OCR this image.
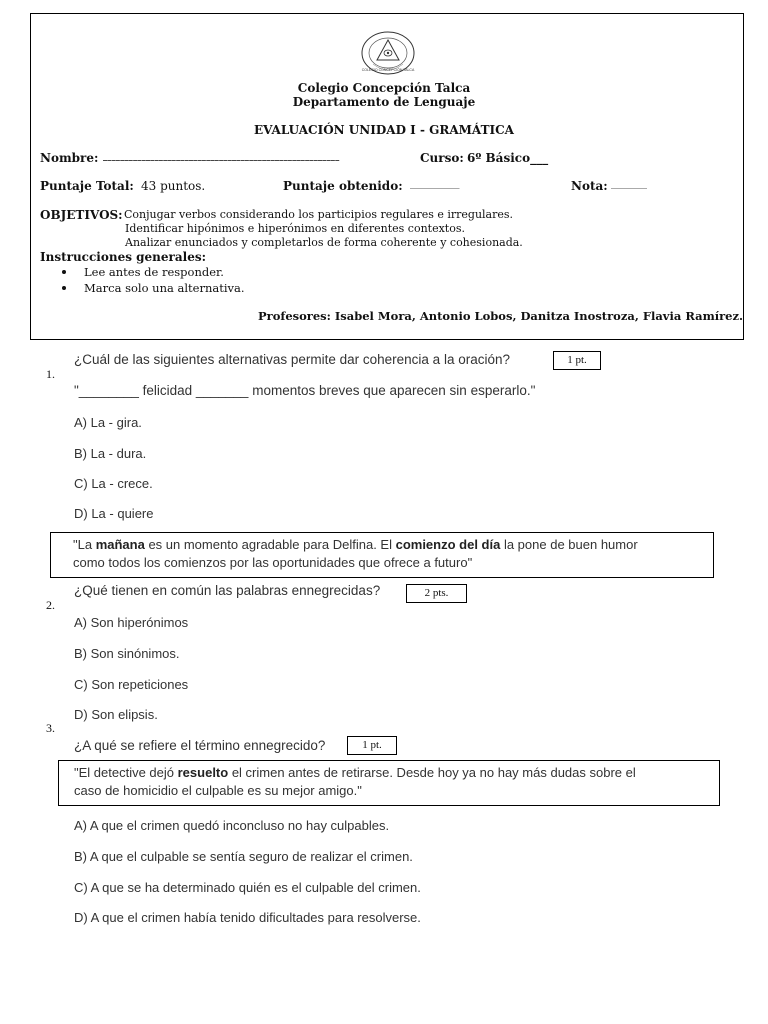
COLEGIO CONCEPCIÓN TALCA
Colegio Concepción Talca
Departamento de Lenguaje
EVALUACIÓN UNIDAD I - GRAMÁTICA
Nombre: _______________________________________________________	Curso: 6º Básico___
Puntaje Total: 43 puntos.	Puntaje obtenido: ___________	Nota: ________
OBJETIVOS: Conjugar verbos considerando los participios regulares e irregulares.
Identificar hipónimos e hiperónimos en diferentes contextos.
Analizar enunciados y completarlos de forma coherente y cohesionada.
Instrucciones generales:
Lee antes de responder.
Marca solo una alternativa.
Profesores: Isabel Mora, Antonio Lobos, Danitza Inostroza, Flavia Ramírez.
1.
¿Cuál de las siguientes alternativas permite dar coherencia a la oración?	1 pt.
"________ felicidad _______ momentos breves que aparecen sin esperarlo."
A) La - gira.
B) La - dura.
C) La - crece.
D) La - quiere
"La mañana es un momento agradable para Delfina. El comienzo del día la pone de buen humor
como todos los comienzos por las oportunidades que ofrece a futuro"
2.
¿Qué tienen en común las palabras ennegrecidas?	2 pts.
A) Son hiperónimos
B) Son sinónimos.
C) Son repeticiones
D) Son elipsis.
3.
¿A qué se refiere el término ennegrecido?	1 pt.
"El detective dejó resuelto el crimen antes de retirarse. Desde hoy ya no hay más dudas sobre el
caso de homicidio el culpable es su mejor amigo."
A) A que el crimen quedó inconcluso no hay culpables.
B) A que el culpable se sentía seguro de realizar el crimen.
C) A que se ha determinado quién es el culpable del crimen.
D) A que el crimen había tenido dificultades para resolverse.
